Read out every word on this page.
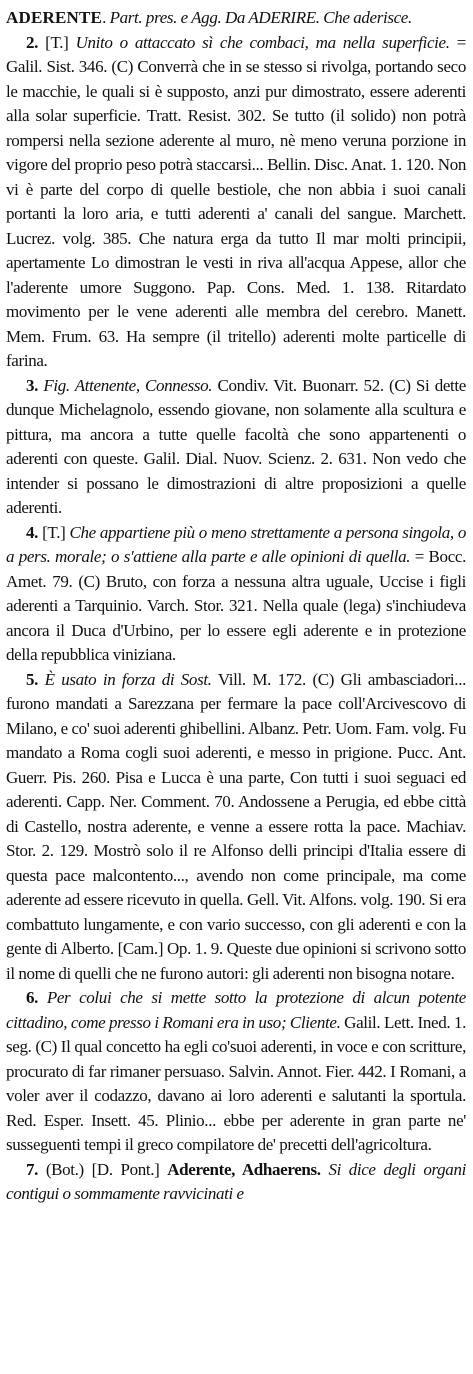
ADERENTE. Part. pres. e Agg. Da ADERIRE. Che aderisce.

2. [T.] Unito o attaccato sì che combaci, ma nella superficie. = Galil. Sist. 346. (C) Converrà che in se stesso si rivolga, portando seco le macchie, le quali si è supposto, anzi pur dimostrato, essere aderenti alla solar superficie. Tratt. Resist. 302. Se tutto (il solido) non potrà rompersi nella sezione aderente al muro, nè meno veruna porzione in vigore del proprio peso potrà staccarsi... Bellin. Disc. Anat. 1. 120. Non vi è parte del corpo di quelle bestiole, che non abbia i suoi canali portanti la loro aria, e tutti aderenti a' canali del sangue. Marchett. Lucrez. volg. 385. Che natura erga da tutto Il mar molti principii, apertamente Lo dimostran le vesti in riva all'acqua Appese, allor che l'aderente umore Suggono. Pap. Cons. Med. 1. 138. Ritardato movimento per le vene aderenti alle membra del cerebro. Manett. Mem. Frum. 63. Ha sempre (il tritello) aderenti molte particelle di farina.

3. Fig. Attenente, Connesso. Condiv. Vit. Buonarr. 52. (C) Si dette dunque Michelagnolo, essendo giovane, non solamente alla scultura e pittura, ma ancora a tutte quelle facoltà che sono appartenenti o aderenti con queste. Galil. Dial. Nuov. Scienz. 2. 631. Non vedo che intender si possano le dimostrazioni di altre proposizioni a quelle aderenti.

4. [T.] Che appartiene più o meno strettamente a persona singola, o a pers. morale; o s'attiene alla parte e alle opinioni di quella. = Bocc. Amet. 79. (C) Bruto, con forza a nessuna altra uguale, Uccise i figli aderenti a Tarquinio. Varch. Stor. 321. Nella quale (lega) s'inchiudeva ancora il Duca d'Urbino, per lo essere egli aderente e in protezione della repubblica viniziana.

5. È usato in forza di Sost. Vill. M. 172. (C) Gli ambasciadori... furono mandati a Sarezzana per fermare la pace coll'Arcivescovo di Milano, e co' suoi aderenti ghibellini. Albanz. Petr. Uom. Fam. volg. Fu mandato a Roma cogli suoi aderenti, e messo in prigione. Pucc. Ant. Guerr. Pis. 260. Pisa e Lucca è una parte, Con tutti i suoi seguaci ed aderenti. Capp. Ner. Comment. 70. Andossene a Perugia, ed ebbe città di Castello, nostra aderente, e venne a essere rotta la pace. Machiav. Stor. 2. 129. Mostrò solo il re Alfonso delli principi d'Italia essere di questa pace malcontento..., avendo non come principale, ma come aderente ad essere ricevuto in quella. Gell. Vit. Alfons. volg. 190. Si era combattuto lungamente, e con vario successo, con gli aderenti e con la gente di Alberto. [Cam.] Op. 1. 9. Queste due opinioni si scrivono sotto il nome di quelli che ne furono autori: gli aderenti non bisogna notare.

6. Per colui che si mette sotto la protezione di alcun potente cittadino, come presso i Romani era in uso; Cliente. Galil. Lett. Ined. 1. seg. (C) Il qual concetto ha egli co'suoi aderenti, in voce e con scritture, procurato di far rimaner persuaso. Salvin. Annot. Fier. 442. I Romani, a voler aver il codazzo, davano ai loro aderenti e salutanti la sportula. Red. Esper. Insett. 45. Plinio... ebbe per aderente in gran parte ne' susseguenti tempi il greco compilatore de' precetti dell'agricoltura.

7. (Bot.) [D. Pont.] Aderente, Adhaerens. Si dice degli organi contigui o sommamente ravvicinati e
